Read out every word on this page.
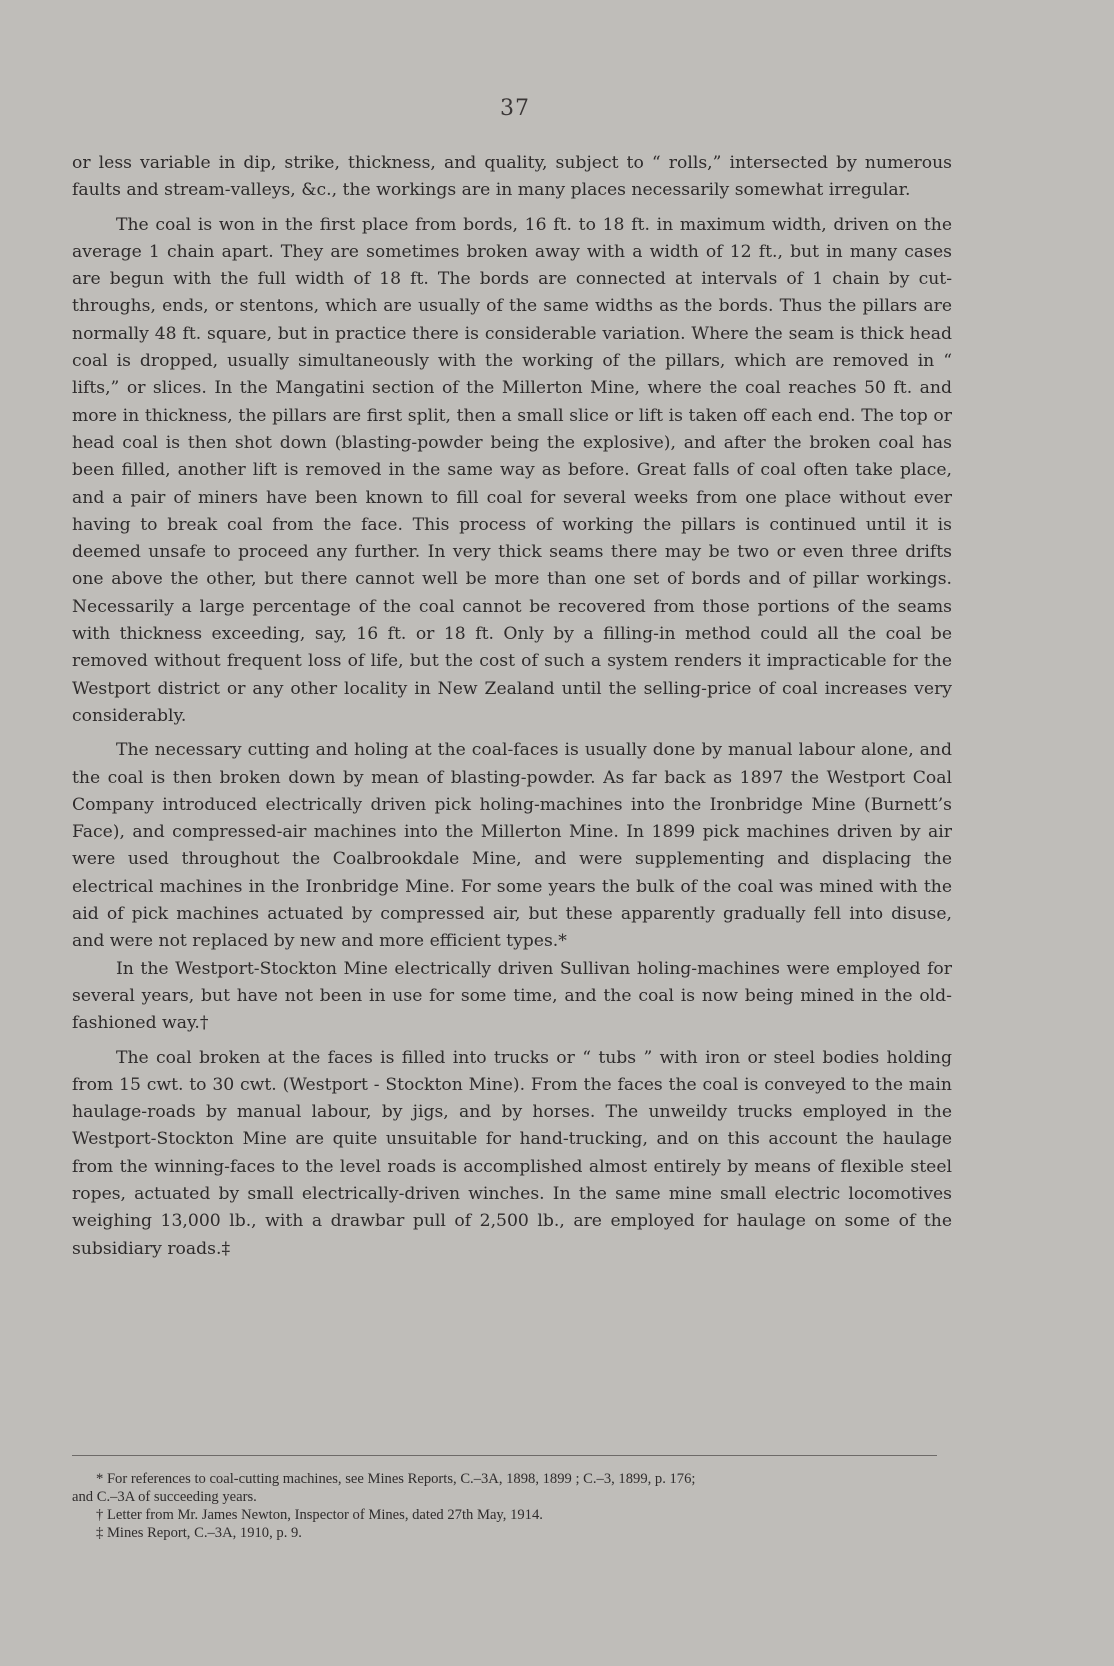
37

or less variable in dip, strike, thickness, and quality, subject to “ rolls,” intersected by numerous faults and stream-valleys, &c., the workings are in many places necessarily somewhat irregular.

The coal is won in the first place from bords, 16 ft. to 18 ft. in maximum width, driven on the average 1 chain apart. They are sometimes broken away with a width of 12 ft., but in many cases are begun with the full width of 18 ft. The bords are connected at intervals of 1 chain by cut-throughs, ends, or stentons, which are usually of the same widths as the bords. Thus the pillars are normally 48 ft. square, but in practice there is considerable variation. Where the seam is thick head coal is dropped, usually simultaneously with the working of the pillars, which are removed in “ lifts,” or slices. In the Mangatini section of the Millerton Mine, where the coal reaches 50 ft. and more in thickness, the pillars are first split, then a small slice or lift is taken off each end. The top or head coal is then shot down (blasting-powder being the explosive), and after the broken coal has been filled, another lift is removed in the same way as before. Great falls of coal often take place, and a pair of miners have been known to fill coal for several weeks from one place without ever having to break coal from the face. This process of working the pillars is continued until it is deemed unsafe to proceed any further. In very thick seams there may be two or even three drifts one above the other, but there cannot well be more than one set of bords and of pillar workings. Necessarily a large percentage of the coal cannot be recovered from those portions of the seams with thickness exceeding, say, 16 ft. or 18 ft. Only by a filling-in method could all the coal be removed without frequent loss of life, but the cost of such a system renders it impracticable for the Westport district or any other locality in New Zealand until the selling-price of coal increases very considerably.

The necessary cutting and holing at the coal-faces is usually done by manual labour alone, and the coal is then broken down by mean of blasting-powder. As far back as 1897 the Westport Coal Company introduced electrically driven pick holing-machines into the Ironbridge Mine (Burnett’s Face), and compressed-air machines into the Millerton Mine. In 1899 pick machines driven by air were used throughout the Coalbrookdale Mine, and were supplementing and displacing the electrical machines in the Ironbridge Mine. For some years the bulk of the coal was mined with the aid of pick machines actuated by compressed air, but these apparently gradually fell into disuse, and were not replaced by new and more efficient types.*

In the Westport-Stockton Mine electrically driven Sullivan holing-machines were employed for several years, but have not been in use for some time, and the coal is now being mined in the old-fashioned way.†

The coal broken at the faces is filled into trucks or “ tubs ” with iron or steel bodies holding from 15 cwt. to 30 cwt. (Westport - Stockton Mine). From the faces the coal is conveyed to the main haulage-roads by manual labour, by jigs, and by horses. The unweildy trucks employed in the Westport-Stockton Mine are quite unsuitable for hand-trucking, and on this account the haulage from the winning-faces to the level roads is accomplished almost entirely by means of flexible steel ropes, actuated by small electrically-driven winches. In the same mine small electric locomotives weighing 13,000 lb., with a drawbar pull of 2,500 lb., are employed for haulage on some of the subsidiary roads.‡

* For references to coal-cutting machines, see Mines Reports, C.–3A, 1898, 1899 ; C.–3, 1899, p. 176;

and C.–3A of succeeding years.

† Letter from Mr. James Newton, Inspector of Mines, dated 27th May, 1914.

‡ Mines Report, C.–3A, 1910, p. 9.
